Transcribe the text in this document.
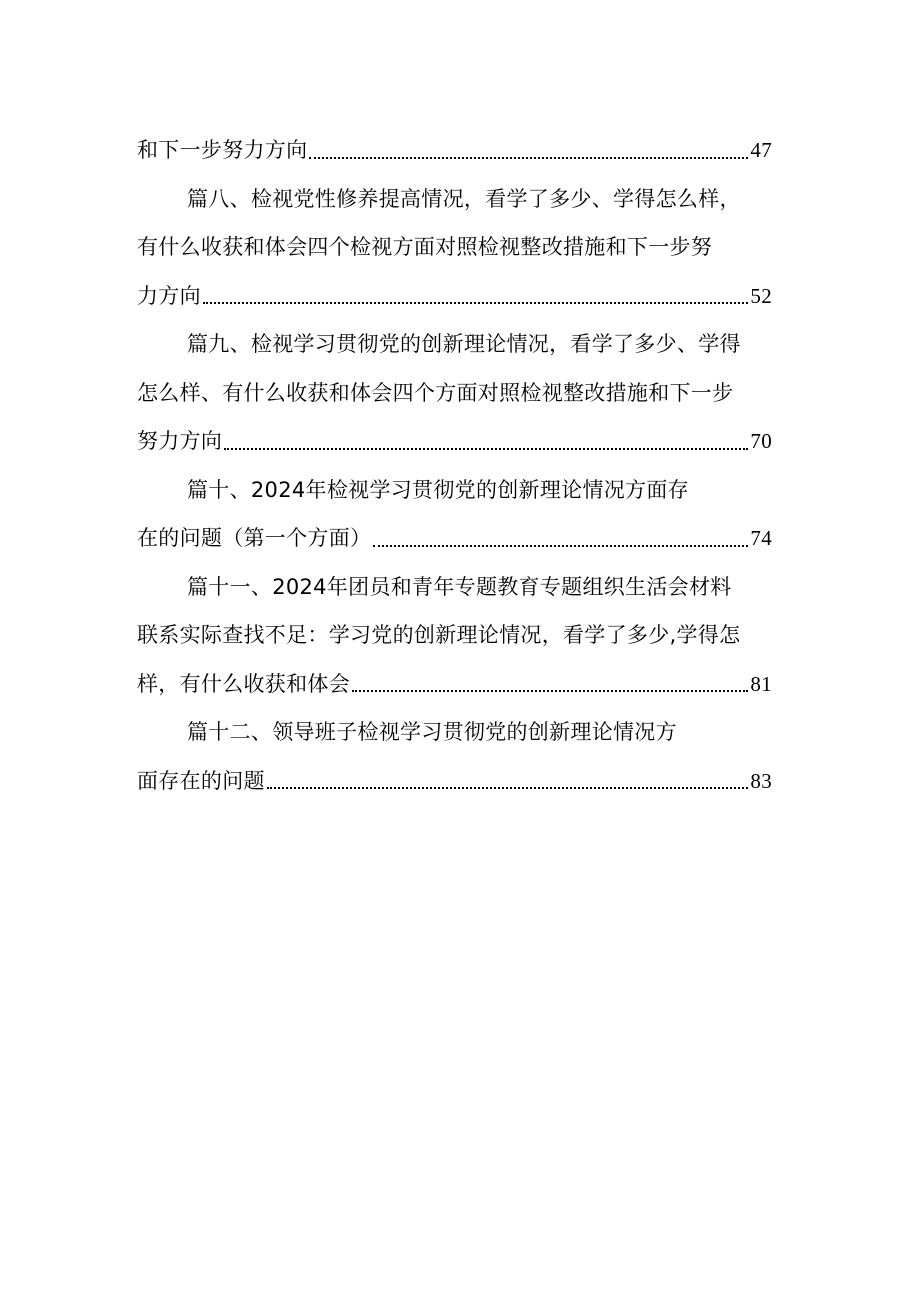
和下一步努力方向	47
篇八、检视党性修养提高情况，看学了多少、学得怎么样，
有什么收获和体会四个检视方面对照检视整改措施和下一步努
力方向	52
篇九、检视学习贯彻党的创新理论情况，看学了多少、学得
怎么样、有什么收获和体会四个方面对照检视整改措施和下一步
努力方向	70
篇十、2024年检视学习贯彻党的创新理论情况方面存
在的问题（第一个方面）	74
篇十一、2024年团员和青年专题教育专题组织生活会材料
联系实际查找不足：学习党的创新理论情况，看学了多少,学得怎
样，有什么收获和体会	81
篇十二、领导班子检视学习贯彻党的创新理论情况方
面存在的问题	83
